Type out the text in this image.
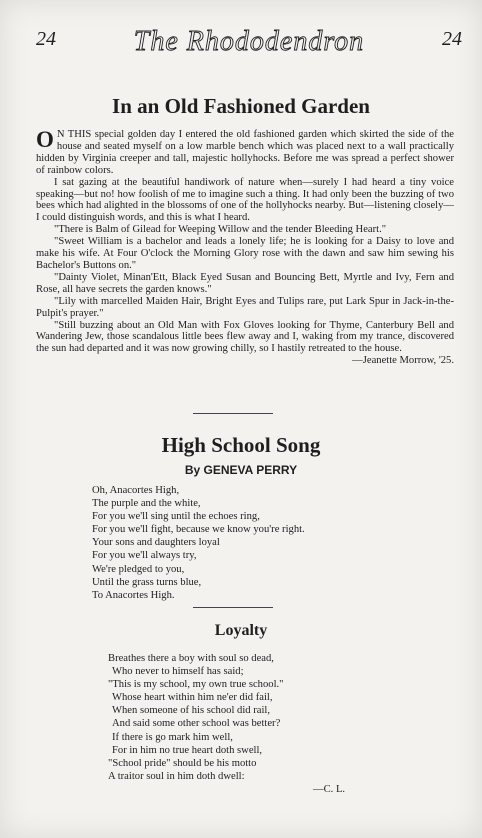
24	The Rhododendron	24
In an Old Fashioned Garden

O N THIS special golden day I entered the old fashioned garden which skirted the side of the house and seated myself on a low marble bench which was placed next to a wall practically hidden by Virginia creeper and tall, majestic hollyhocks. Before me was spread a perfect shower of rainbow colors.

I sat gazing at the beautiful handiwork of nature when—surely I had heard a tiny voice speaking—but no! how foolish of me to imagine such a thing. It had only been the buzzing of two bees which had alighted in the blossoms of one of the hollyhocks nearby. But—listening closely—I could distinguish words, and this is what I heard.

"There is Balm of Gilead for Weeping Willow and the tender Bleeding Heart."

"Sweet William is a bachelor and leads a lonely life; he is looking for a Daisy to love and make his wife. At Four O'clock the Morning Glory rose with the dawn and saw him sewing his Bachelor's Buttons on."

"Dainty Violet, Minan'Ett, Black Eyed Susan and Bouncing Bett, Myrtle and Ivy, Fern and Rose, all have secrets the garden knows."

"Lily with marcelled Maiden Hair, Bright Eyes and Tulips rare, put Lark Spur in Jack-in-the-Pulpit's prayer."

"Still buzzing about an Old Man with Fox Gloves looking for Thyme, Canterbury Bell and Wandering Jew, those scandalous little bees flew away and I, waking from my trance, discovered the sun had departed and it was now growing chilly, so I hastily retreated to the house.

—Jeanette Morrow, '25.
High School Song
By GENEVA PERRY
Oh, Anacortes High,
The purple and the white,
For you we'll sing until the echoes ring,
For you we'll fight, because we know you're right.
Your sons and daughters loyal
For you we'll always try,
We're pledged to you,
Until the grass turns blue,
To Anacortes High.
Loyalty
Breathes there a boy with soul so dead,
Who never to himself has said;
"This is my school, my own true school."
Whose heart within him ne'er did fail,
When someone of his school did rail,
And said some other school was better?
If there is go mark him well,
For in him no true heart doth swell,
"School pride" should be his motto
A traitor soul in him doth dwell:
—C. L.
